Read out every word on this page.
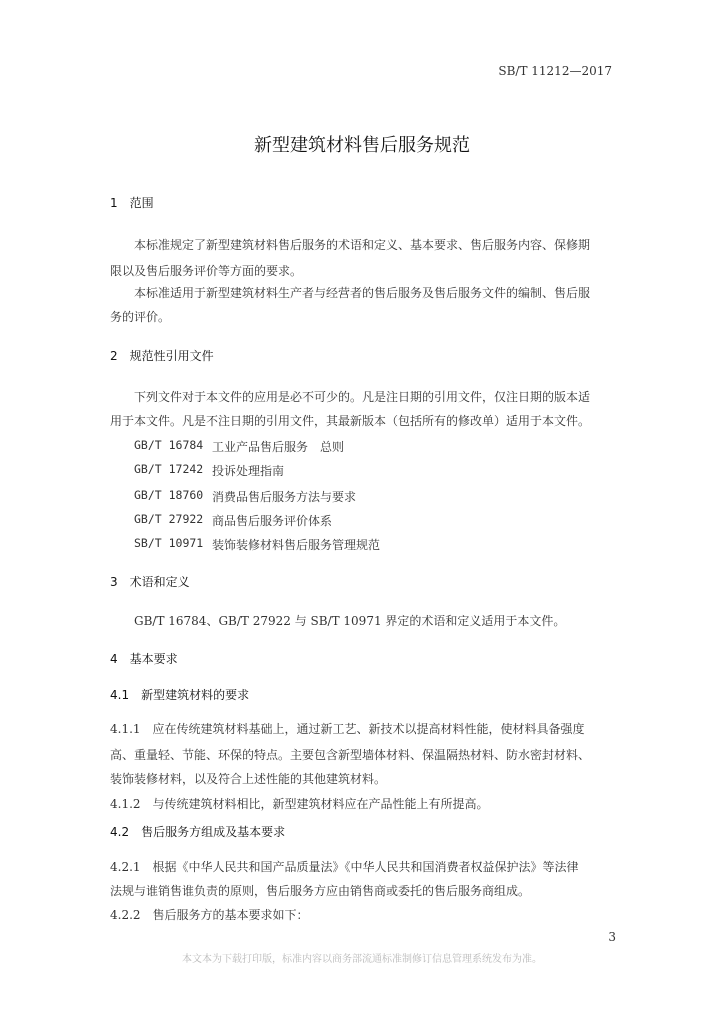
SB/T 11212—2017
新型建筑材料售后服务规范
1　范围
本标准规定了新型建筑材料售后服务的术语和定义、基本要求、售后服务内容、保修期
限以及售后服务评价等方面的要求。
本标准适用于新型建筑材料生产者与经营者的售后服务及售后服务文件的编制、售后服
务的评价。
2　规范性引用文件
下列文件对于本文件的应用是必不可少的。凡是注日期的引用文件，仅注日期的版本适
用于本文件。凡是不注日期的引用文件，其最新版本（包括所有的修改单）适用于本文件。
GB/T 16784 工业产品售后服务　总则
GB/T 17242 投诉处理指南
GB/T 18760 消费品售后服务方法与要求
GB/T 27922 商品售后服务评价体系
SB/T 10971 装饰装修材料售后服务管理规范
3　术语和定义
GB/T 16784、GB/T 27922 与 SB/T 10971 界定的术语和定义适用于本文件。
4　基本要求
4.1　新型建筑材料的要求
4.1.1　应在传统建筑材料基础上，通过新工艺、新技术以提高材料性能，使材料具备强度
高、重量轻、节能、环保的特点。主要包含新型墙体材料、保温隔热材料、防水密封材料、
装饰装修材料，以及符合上述性能的其他建筑材料。
4.1.2　与传统建筑材料相比，新型建筑材料应在产品性能上有所提高。
4.2　售后服务方组成及基本要求
4.2.1　根据《中华人民共和国产品质量法》《中华人民共和国消费者权益保护法》等法律
法规与谁销售谁负责的原则，售后服务方应由销售商或委托的售后服务商组成。
4.2.2　售后服务方的基本要求如下：
3
本文本为下载打印版，标准内容以商务部流通标准制修订信息管理系统发布为准。
